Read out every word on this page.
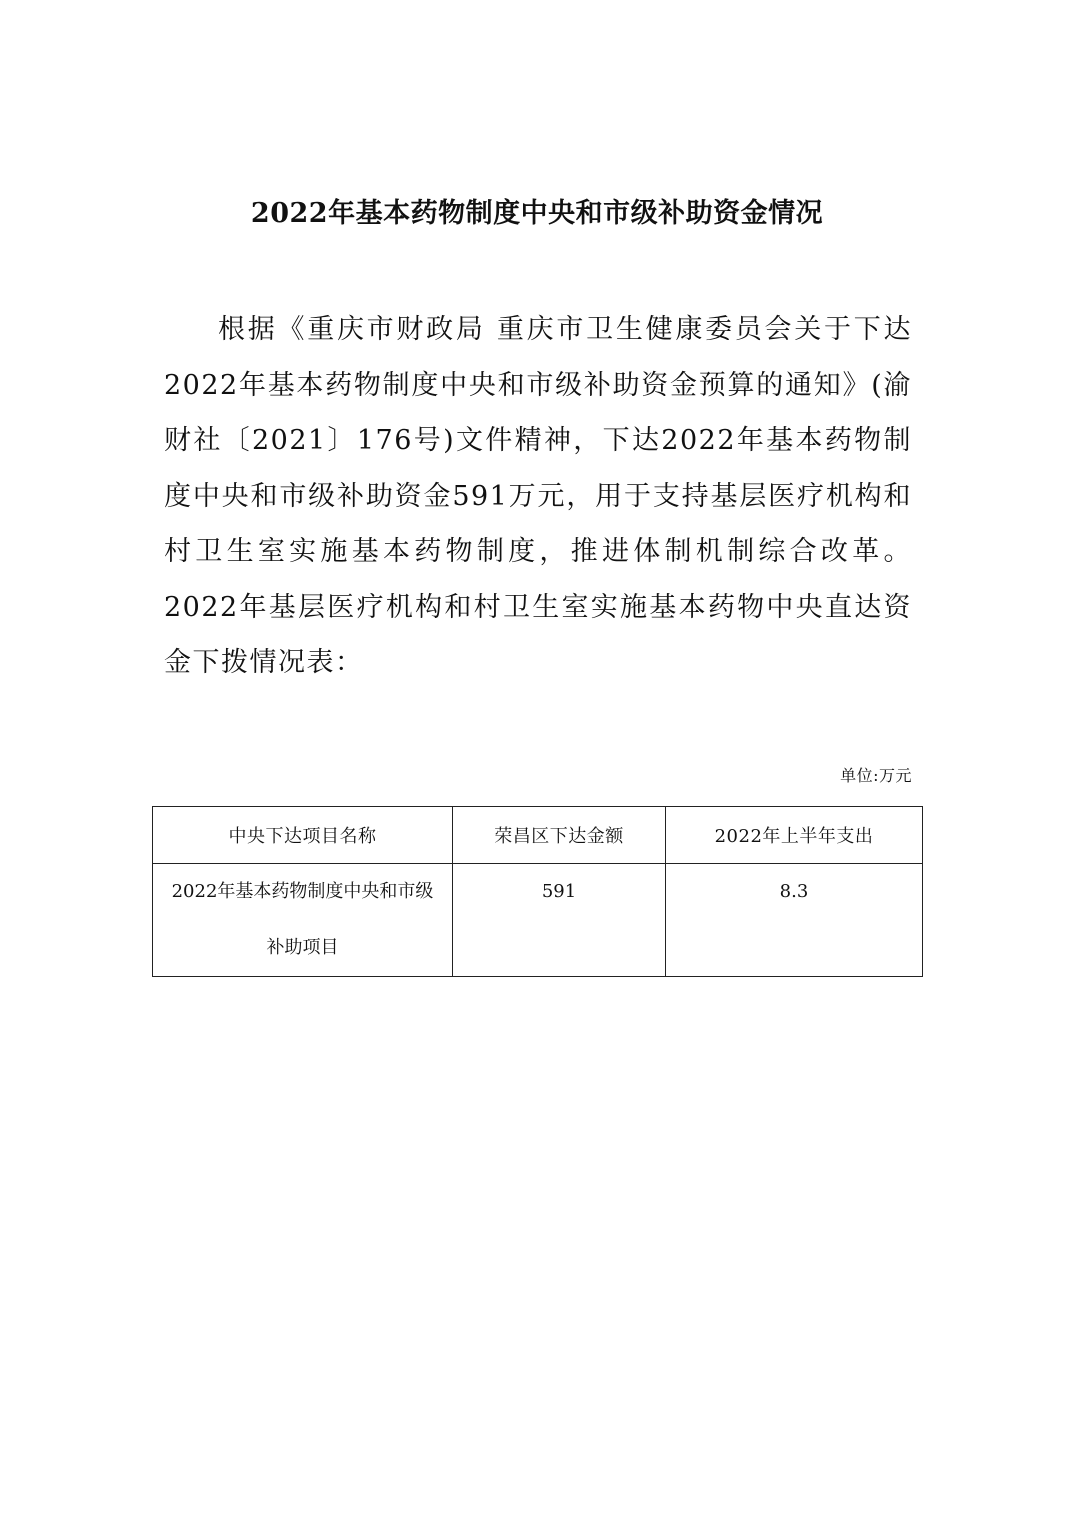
2022年基本药物制度中央和市级补助资金情况

根据《重庆市财政局 重庆市卫生健康委员会关于下达2022年基本药物制度中央和市级补助资金预算的通知》(渝财社〔2021〕176号)文件精神，下达2022年基本药物制度中央和市级补助资金591万元，用于支持基层医疗机构和村卫生室实施基本药物制度，推进体制机制综合改革。2022年基层医疗机构和村卫生室实施基本药物中央直达资金下拨情况表：

单位:万元
中央下达项目名称	荣昌区下达金额	2022年上半年支出

2022年基本药物制度中央和市级补助项目	591	8.3
